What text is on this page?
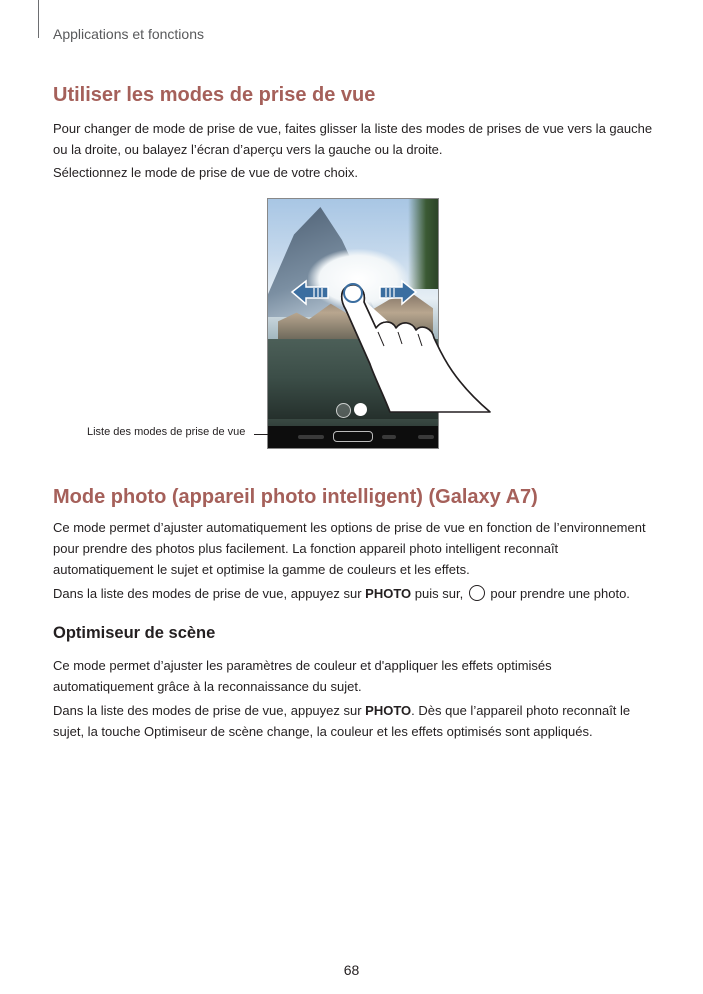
Applications et fonctions
Utiliser les modes de prise de vue

Pour changer de mode de prise de vue, faites glisser la liste des modes de prises de vue vers la gauche ou la droite, ou balayez l’écran d’aperçu vers la gauche ou la droite.

Sélectionnez le mode de prise de vue de votre choix.

Liste des modes de prise de vue
Mode photo (appareil photo intelligent) (Galaxy A7)

Ce mode permet d’ajuster automatiquement les options de prise de vue en fonction de l’environnement pour prendre des photos plus facilement. La fonction appareil photo intelligent reconnaît automatiquement le sujet et optimise la gamme de couleurs et les effets.

Dans la liste des modes de prise de vue, appuyez sur PHOTO puis sur,  pour prendre une photo.

Optimiseur de scène

Ce mode permet d’ajuster les paramètres de couleur et d'appliquer les effets optimisés automatiquement grâce à la reconnaissance du sujet.

Dans la liste des modes de prise de vue, appuyez sur PHOTO. Dès que l’appareil photo reconnaît le sujet, la touche Optimiseur de scène change, la couleur et les effets optimisés sont appliqués.

68
